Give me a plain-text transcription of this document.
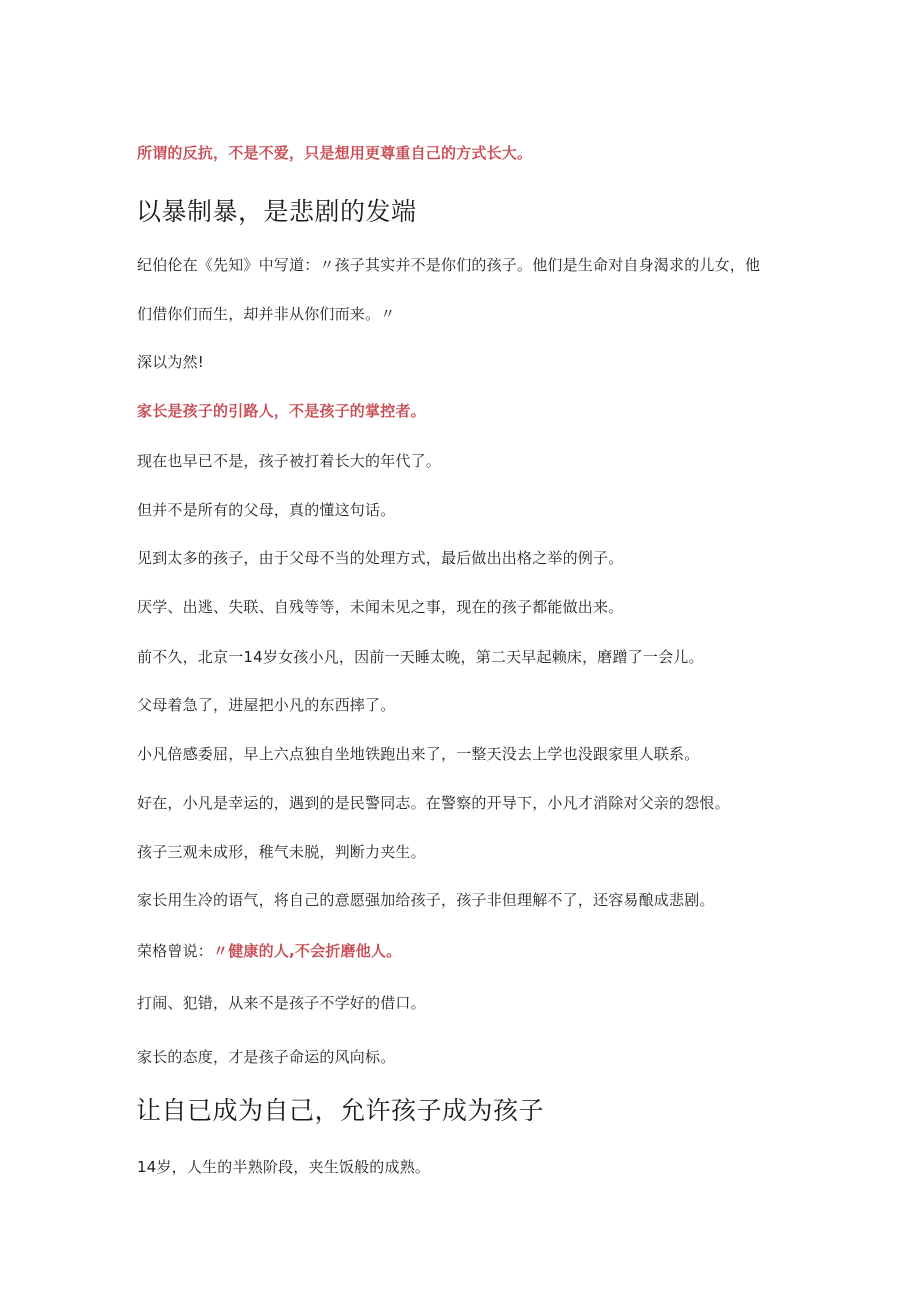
所谓的反抗，不是不爱，只是想用更尊重自己的方式长大。
以暴制暴，是悲剧的发端
纪伯伦在《先知》中写道：〃孩子其实并不是你们的孩子。他们是生命对自身渴求的儿女，他
们借你们而生，却并非从你们而来。〃
深以为然!
家长是孩子的引路人，不是孩子的掌控者。
现在也早已不是，孩子被打着长大的年代了。
但并不是所有的父母，真的懂这句话。
见到太多的孩子，由于父母不当的处理方式，最后做出出格之举的例子。
厌学、出逃、失联、自残等等，未闻未见之事，现在的孩子都能做出来。
前不久，北京一14岁女孩小凡，因前一天睡太晚，第二天早起赖床，磨蹭了一会儿。
父母着急了，进屋把小凡的东西摔了。
小凡倍感委屈，早上六点独自坐地铁跑出来了，一整天没去上学也没跟家里人联系。
好在，小凡是幸运的，遇到的是民警同志。在警察的开导下，小凡才消除对父亲的怨恨。
孩子三观未成形，稚气未脱，判断力夹生。
家长用生冷的语气，将自己的意愿强加给孩子，孩子非但理解不了，还容易酿成悲剧。
荣格曾说：〃健康的人,不会折磨他人。
打闹、犯错，从来不是孩子不学好的借口。
家长的态度，才是孩子命运的风向标。
让自已成为自己，允许孩子成为孩子
14岁，人生的半熟阶段，夹生饭般的成熟。
